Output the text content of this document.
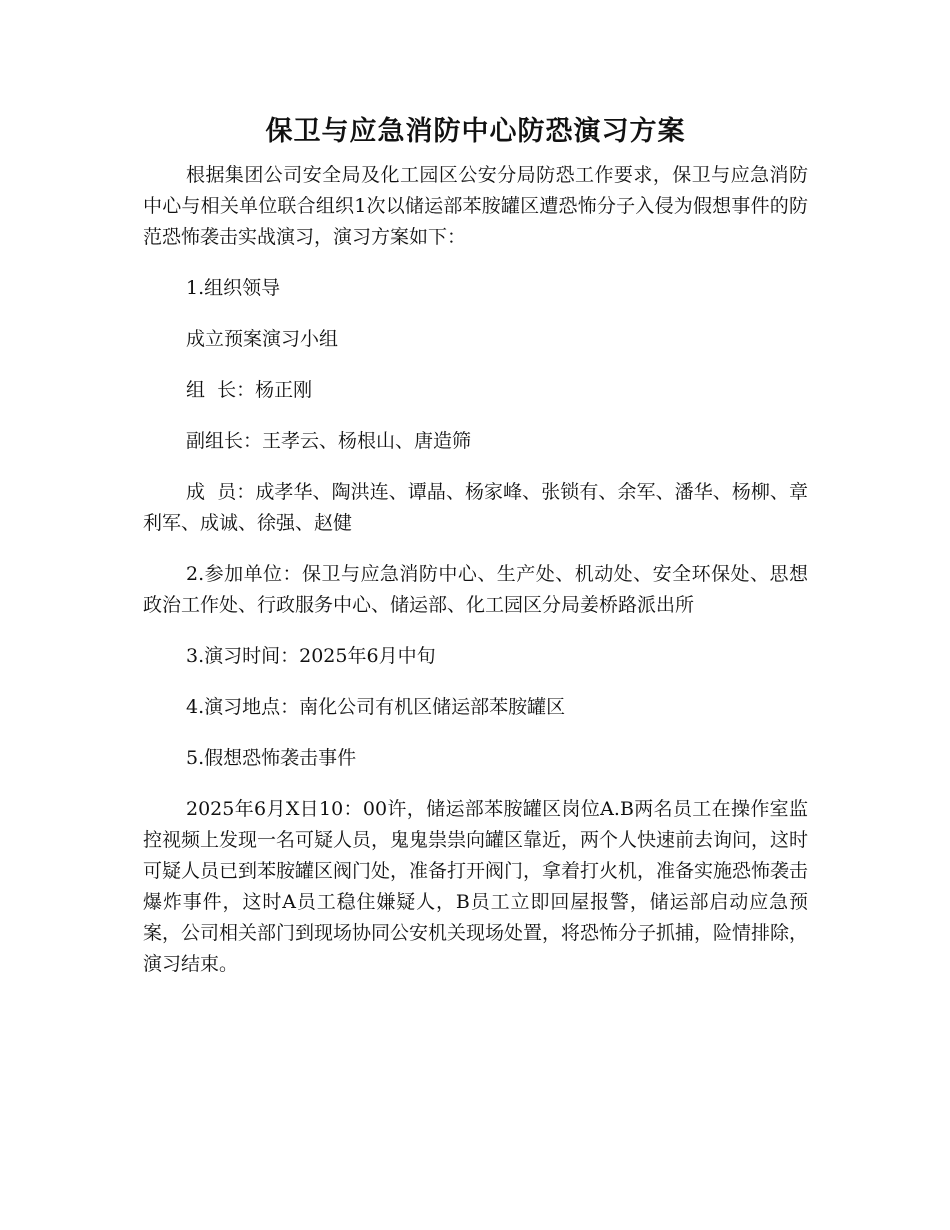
保卫与应急消防中心防恐演习方案

根据集团公司安全局及化工园区公安分局防恐工作要求，保卫与应急消防中心与相关单位联合组织1次以储运部苯胺罐区遭恐怖分子入侵为假想事件的防范恐怖袭击实战演习，演习方案如下：

1.组织领导

成立预案演习小组

组  长：杨正刚

副组长：王孝云、杨根山、唐造筛

成  员：成孝华、陶洪连、谭晶、杨家峰、张锁有、余军、潘华、杨柳、章利军、成诚、徐强、赵健

2.参加单位：保卫与应急消防中心、生产处、机动处、安全环保处、思想政治工作处、行政服务中心、储运部、化工园区分局姜桥路派出所

3.演习时间：2025年6月中旬

4.演习地点：南化公司有机区储运部苯胺罐区

5.假想恐怖袭击事件

2025年6月X日10：00许，储运部苯胺罐区岗位A.B两名员工在操作室监控视频上发现一名可疑人员，鬼鬼祟祟向罐区靠近，两个人快速前去询问，这时可疑人员已到苯胺罐区阀门处，准备打开阀门，拿着打火机，准备实施恐怖袭击爆炸事件，这时A员工稳住嫌疑人，B员工立即回屋报警，储运部启动应急预案，公司相关部门到现场协同公安机关现场处置，将恐怖分子抓捕，险情排除，演习结束。
